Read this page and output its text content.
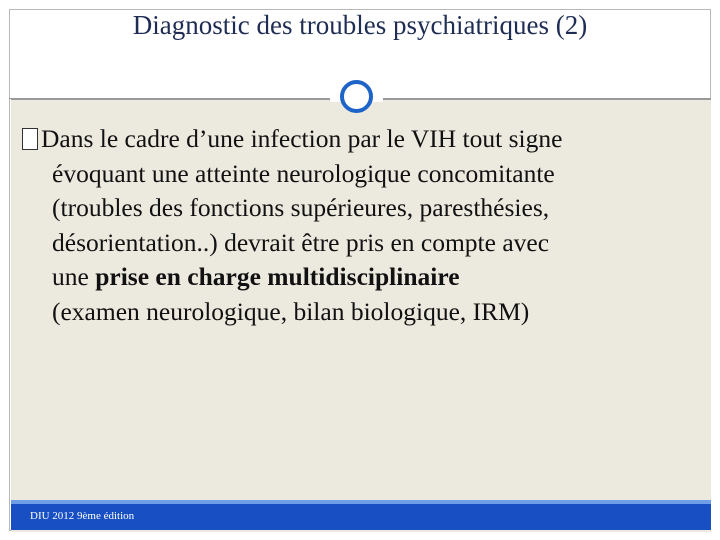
Diagnostic des troubles psychiatriques (2)
Dans le cadre d’une infection par le VIH tout signe
évoquant une atteinte neurologique concomitante
(troubles des fonctions supérieures, paresthésies,
désorientation..) devrait être pris en compte avec
une prise en charge multidisciplinaire
(examen neurologique, bilan biologique, IRM)
DIU 2012 9ème édition
